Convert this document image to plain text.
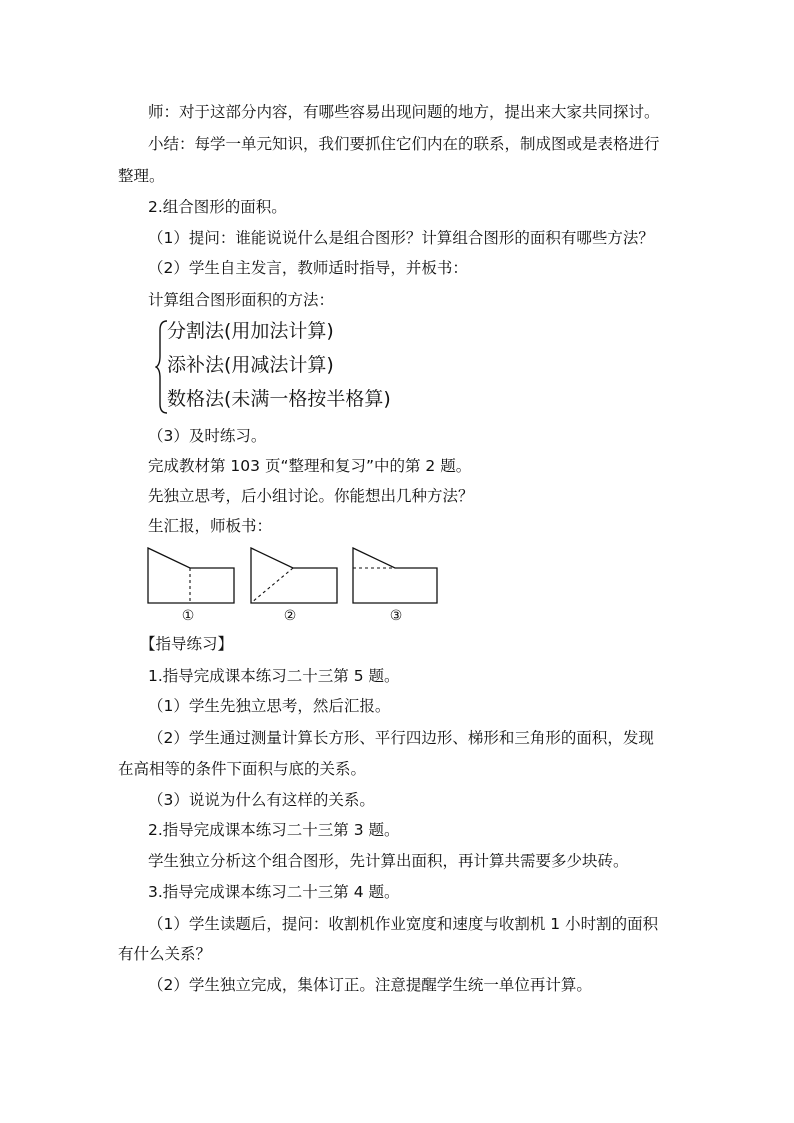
师：对于这部分内容，有哪些容易出现问题的地方，提出来大家共同探讨。
小结：每学一单元知识，我们要抓住它们内在的联系，制成图或是表格进行
整理。
2.组合图形的面积。
（1）提问：谁能说说什么是组合图形？计算组合图形的面积有哪些方法？
（2）学生自主发言，教师适时指导，并板书：
计算组合图形面积的方法：
分割法(用加法计算)
添补法(用减法计算)
数格法(未满一格按半格算)
（3）及时练习。
完成教材第 103 页“整理和复习”中的第 2 题。
先独立思考，后小组讨论。你能想出几种方法？
生汇报，师板书：
①	②	③
【指导练习】
1.指导完成课本练习二十三第 5 题。
（1）学生先独立思考，然后汇报。
（2）学生通过测量计算长方形、平行四边形、梯形和三角形的面积，发现
在高相等的条件下面积与底的关系。
（3）说说为什么有这样的关系。
2.指导完成课本练习二十三第 3 题。
学生独立分析这个组合图形，先计算出面积，再计算共需要多少块砖。
3.指导完成课本练习二十三第 4 题。
（1）学生读题后，提问：收割机作业宽度和速度与收割机 1 小时割的面积
有什么关系？
（2）学生独立完成，集体订正。注意提醒学生统一单位再计算。
